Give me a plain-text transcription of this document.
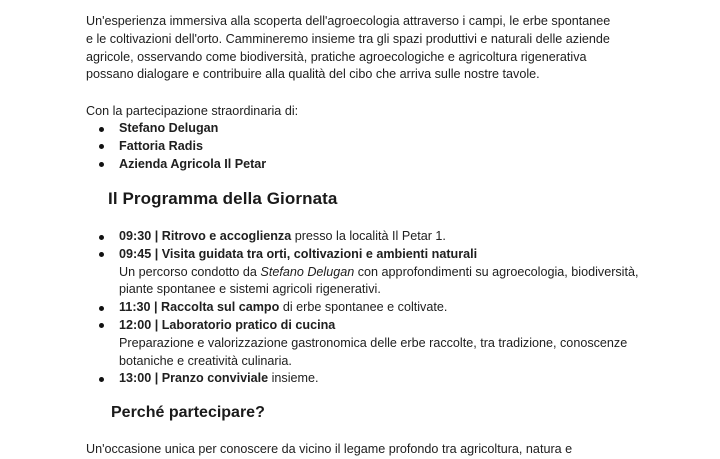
Un'esperienza immersiva alla scoperta dell'agroecologia attraverso i campi, le erbe spontanee e le coltivazioni dell'orto. Cammineremo insieme tra gli spazi produttivi e naturali delle aziende agricole, osservando come biodiversità, pratiche agroecologiche e agricoltura rigenerativa possano dialogare e contribuire alla qualità del cibo che arriva sulle nostre tavole.
Con la partecipazione straordinaria di:
Stefano Delugan
Fattoria Radis
Azienda Agricola Il Petar
Il Programma della Giornata
09:30 | Ritrovo e accoglienza presso la località Il Petar 1.
09:45 | Visita guidata tra orti, coltivazioni e ambienti naturali
Un percorso condotto da Stefano Delugan con approfondimenti su agroecologia, biodiversità, piante spontanee e sistemi agricoli rigenerativi.
11:30 | Raccolta sul campo di erbe spontanee e coltivate.
12:00 | Laboratorio pratico di cucina
Preparazione e valorizzazione gastronomica delle erbe raccolte, tra tradizione, conoscenze botaniche e creatività culinaria.
13:00 | Pranzo conviviale insieme.
Perché partecipare?
Un'occasione unica per conoscere da vicino il legame profondo tra agricoltura, natura e
